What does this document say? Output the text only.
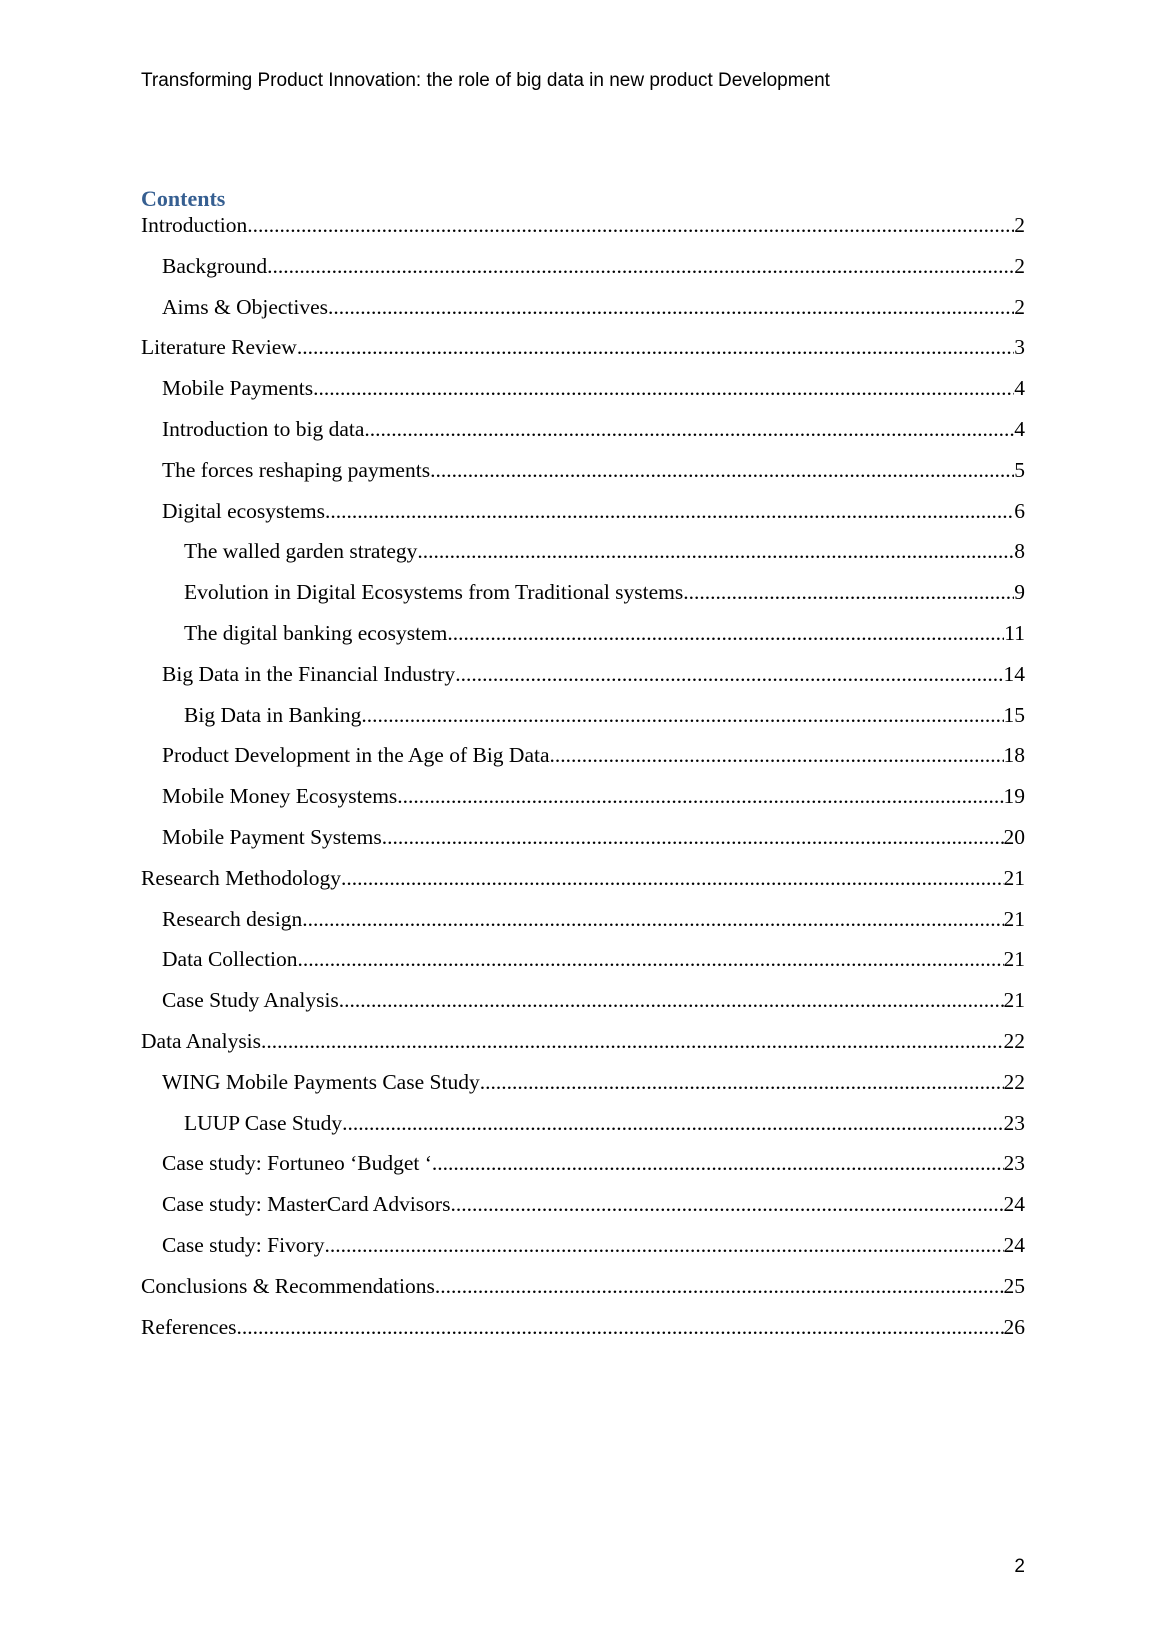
Transforming Product Innovation: the role of big data in new product Development
Contents
Introduction .....	2
Background .....	2
Aims & Objectives .....	2
Literature Review .....	3
Mobile Payments .....	4
Introduction to big data .....	4
The forces reshaping payments .....	5
Digital ecosystems .....	6
The walled garden strategy .....	8
Evolution in Digital Ecosystems from Traditional systems .....	9
The digital banking ecosystem .....	11
Big Data in the Financial Industry .....	14
Big Data in Banking .....	15
Product Development in the Age of Big Data .....	18
Mobile Money Ecosystems .....	19
Mobile Payment Systems .....	20
Research Methodology .....	21
Research design .....	21
Data Collection .....	21
Case Study Analysis .....	21
Data Analysis .....	22
WING Mobile Payments Case Study .....	22
LUUP Case Study .....	23
Case study: Fortuneo ‘Budget ‘ .....	23
Case study: MasterCard Advisors .....	24
Case study: Fivory .....	24
Conclusions & Recommendations .....	25
References .....	26
2
